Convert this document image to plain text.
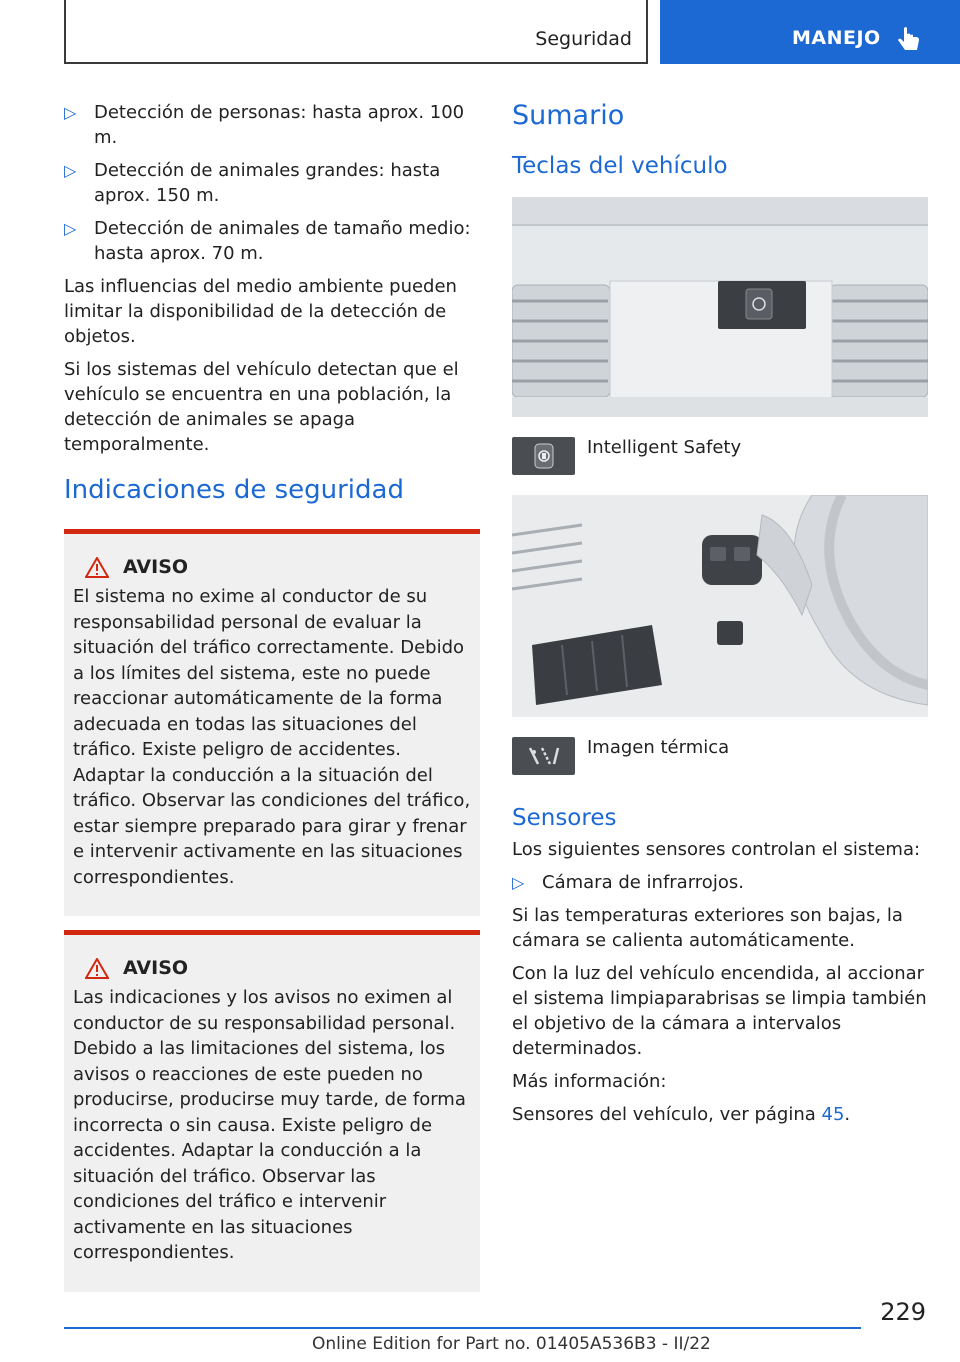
Seguridad	MANEJO
▷ Detección de personas: hasta aprox. 100 m.
▷ Detección de animales grandes: hasta aprox. 150 m.
▷ Detección de animales de tamaño medio: hasta aprox. 70 m.

Las influencias del medio ambiente pueden limitar la disponibilidad de la detección de objetos.

Si los sistemas del vehículo detectan que el vehículo se encuentra en una población, la detección de animales se apaga temporalmente.

Indicaciones de seguridad
AVISO
El sistema no exime al conductor de su responsabilidad personal de evaluar la situación del tráfico correctamente. Debido a los límites del sistema, este no puede reaccionar automáticamente de la forma adecuada en todas las situaciones del tráfico. Existe peligro de accidentes. Adaptar la conducción a la situación del tráfico. Observar las condiciones del tráfico, estar siempre preparado para girar y frenar e intervenir activamente en las situaciones correspondientes.
AVISO
Las indicaciones y los avisos no eximen al conductor de su responsabilidad personal. Debido a las limitaciones del sistema, los avisos o reacciones de este pueden no producirse, producirse muy tarde, de forma incorrecta o sin causa. Existe peligro de accidentes. Adaptar la conducción a la situación del tráfico. Observar las condiciones del tráfico e intervenir activamente en las situaciones correspondientes.
Sumario
Teclas del vehículo
Intelligent Safety
Imagen térmica
Sensores

Los siguientes sensores controlan el sistema:

▷ Cámara de infrarrojos.

Si las temperaturas exteriores son bajas, la cámara se calienta automáticamente.

Con la luz del vehículo encendida, al accionar el sistema limpiaparabrisas se limpia también el objetivo de la cámara a intervalos determinados.

Más información:

Sensores del vehículo, ver página 45.

229
Online Edition for Part no. 01405A536B3 - II/22
